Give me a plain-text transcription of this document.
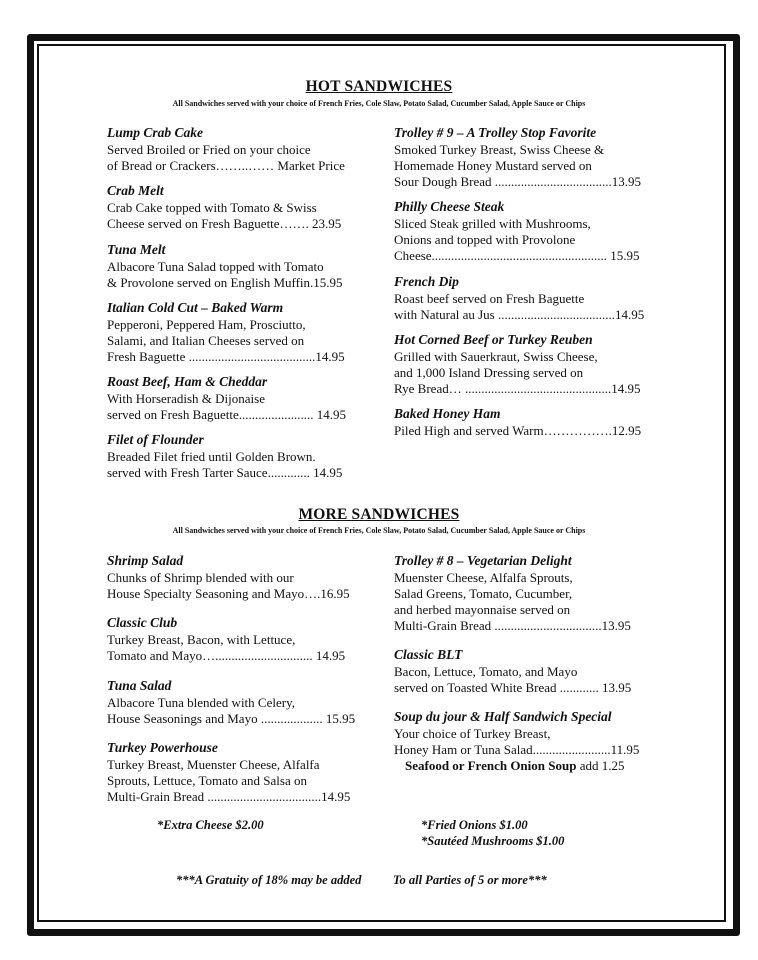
HOT SANDWICHES
All Sandwiches served with your choice of French Fries, Cole Slaw, Potato Salad, Cucumber Salad, Apple Sauce or Chips
Lump Crab Cake
Served Broiled or Fried on your choice
of Bread or Crackers……..…… Market Price
Crab Melt
Crab Cake topped with Tomato & Swiss
Cheese served on Fresh Baguette……. 23.95
Tuna Melt
Albacore Tuna Salad topped with Tomato
& Provolone served on English Muffin.15.95
Italian Cold Cut – Baked Warm
Pepperoni, Peppered Ham, Prosciutto,
Salami, and Italian Cheeses served on
Fresh Baguette .......................................14.95
Roast Beef, Ham & Cheddar
With Horseradish & Dijonaise
served on Fresh Baguette....................... 14.95
Filet of Flounder
Breaded Filet fried until Golden Brown.
served with Fresh Tarter Sauce............. 14.95
Trolley # 9 – A Trolley Stop Favorite
Smoked Turkey Breast, Swiss Cheese &
Homemade Honey Mustard served on
Sour Dough Bread ....................................13.95
Philly Cheese Steak
Sliced Steak grilled with Mushrooms,
Onions and topped with Provolone
Cheese...................................................... 15.95
French Dip
Roast beef served on Fresh Baguette
with Natural au Jus ....................................14.95
Hot Corned Beef or Turkey Reuben
Grilled with Sauerkraut, Swiss Cheese,
and 1,000 Island Dressing served on
Rye Bread… .............................................14.95
Baked Honey Ham
Piled High and served Warm…………….12.95
MORE SANDWICHES
All Sandwiches served with your choice of French Fries, Cole Slaw, Potato Salad, Cucumber Salad, Apple Sauce or Chips
Shrimp Salad
Chunks of Shrimp blended with our
House Specialty Seasoning and Mayo….16.95
Classic Club
Turkey Breast, Bacon, with Lettuce,
Tomato and Mayo….............................. 14.95
Tuna Salad
Albacore Tuna blended with Celery,
House Seasonings and Mayo ................... 15.95
Turkey Powerhouse
Turkey Breast, Muenster Cheese, Alfalfa
Sprouts, Lettuce, Tomato and Salsa on
Multi-Grain Bread ...................................14.95
Trolley # 8 – Vegetarian Delight
Muenster Cheese, Alfalfa Sprouts,
Salad Greens, Tomato, Cucumber,
and herbed mayonnaise served on
Multi-Grain Bread .................................13.95
Classic BLT
Bacon, Lettuce, Tomato, and Mayo
served on Toasted White Bread ............ 13.95
Soup du jour & Half Sandwich Special
Your choice of Turkey Breast,
Honey Ham or Tuna Salad........................11.95
Seafood or French Onion Soup add 1.25
*Extra Cheese $2.00	*Fried Onions $1.00
*Sautéed Mushrooms $1.00
***A Gratuity of 18% may be added	To all Parties of 5 or more***
